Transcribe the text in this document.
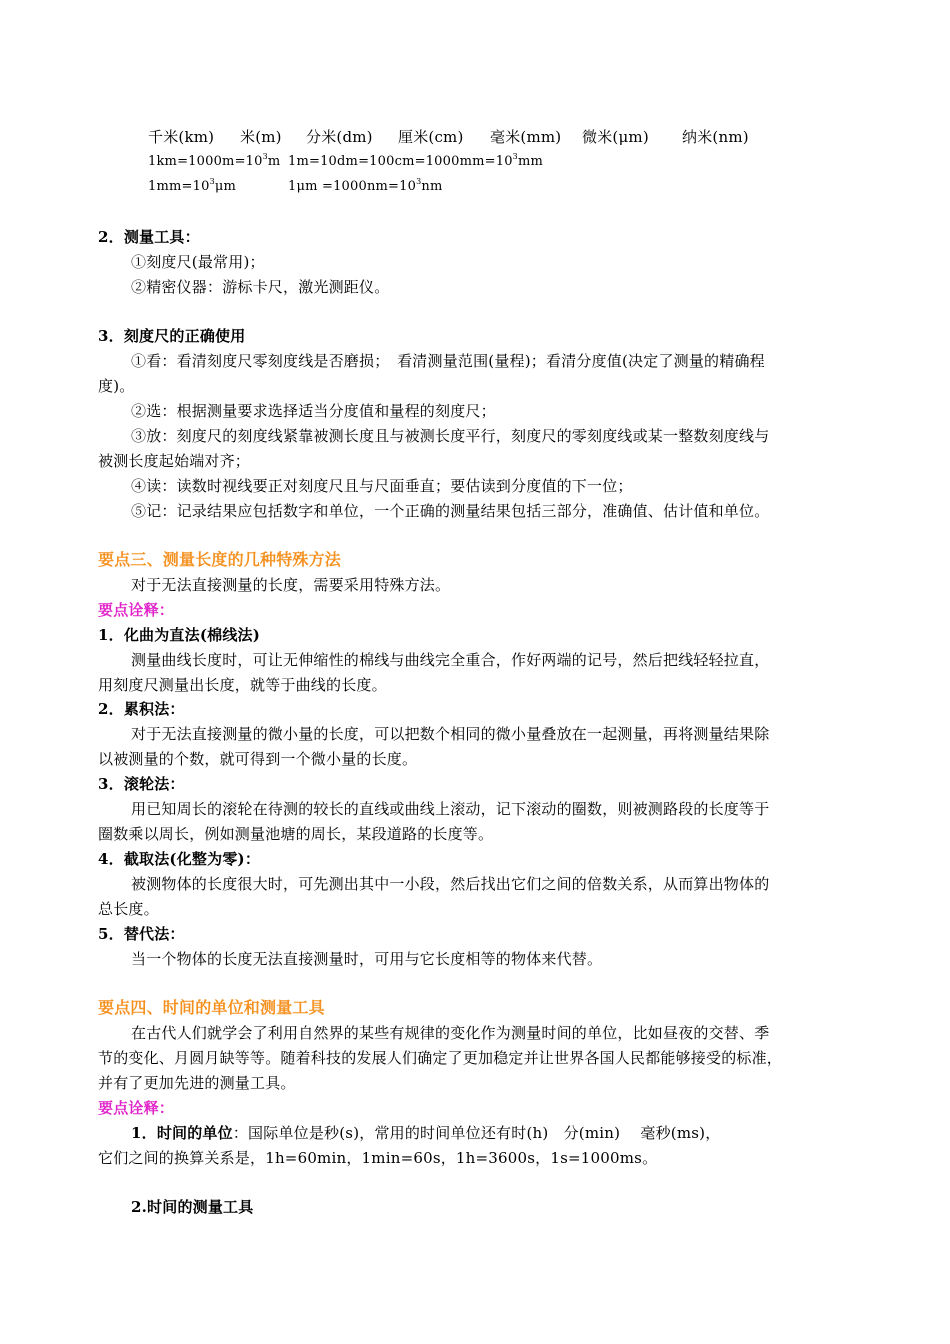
千米(km) 米(m) 分米(dm) 厘米(cm) 毫米(mm) 微米(μm) 纳米(nm)
$1km=1000m=10^3m$ $1m=10dm=100cm=1000mm=10^3mm$
$1mm=10^3\mu m$	$1\mu m =1000nm=10^3nm$
2．测量工具：
①刻度尺(最常用)；
②精密仪器：游标卡尺，激光测距仪。
3．刻度尺的正确使用
①看：看清刻度尺零刻度线是否磨损；　看清测量范围(量程)；看清分度值(决定了测量的精确程
度)。
②选：根据测量要求选择适当分度值和量程的刻度尺；
③放：刻度尺的刻度线紧靠被测长度且与被测长度平行，刻度尺的零刻度线或某一整数刻度线与
被测长度起始端对齐；
④读：读数时视线要正对刻度尺且与尺面垂直；要估读到分度值的下一位；
⑤记：记录结果应包括数字和单位，一个正确的测量结果包括三部分，准确值、估计值和单位。
要点三、测量长度的几种特殊方法
对于无法直接测量的长度，需要采用特殊方法。
要点诠释：
1．化曲为直法(棉线法)
测量曲线长度时，可让无伸缩性的棉线与曲线完全重合，作好两端的记号，然后把线轻轻拉直，
用刻度尺测量出长度，就等于曲线的长度。
2．累积法：
对于无法直接测量的微小量的长度，可以把数个相同的微小量叠放在一起测量，再将测量结果除
以被测量的个数，就可得到一个微小量的长度。
3．滚轮法：
用已知周长的滚轮在待测的较长的直线或曲线上滚动，记下滚动的圈数，则被测路段的长度等于
圈数乘以周长，例如测量池塘的周长，某段道路的长度等。
4．截取法(化整为零)：
被测物体的长度很大时，可先测出其中一小段，然后找出它们之间的倍数关系，从而算出物体的
总长度。
5．替代法：
当一个物体的长度无法直接测量时，可用与它长度相等的物体来代替。
要点四、时间的单位和测量工具
在古代人们就学会了利用自然界的某些有规律的变化作为测量时间的单位，比如昼夜的交替、季
节的变化、月圆月缺等等。随着科技的发展人们确定了更加稳定并让世界各国人民都能够接受的标准，
并有了更加先进的测量工具。
要点诠释：
1．时间的单位：国际单位是秒(s)，常用的时间单位还有时(h)　分(min)　 毫秒(ms)，
它们之间的换算关系是，1h=60min，1min=60s，1h=3600s，1s=1000ms。
2.时间的测量工具
